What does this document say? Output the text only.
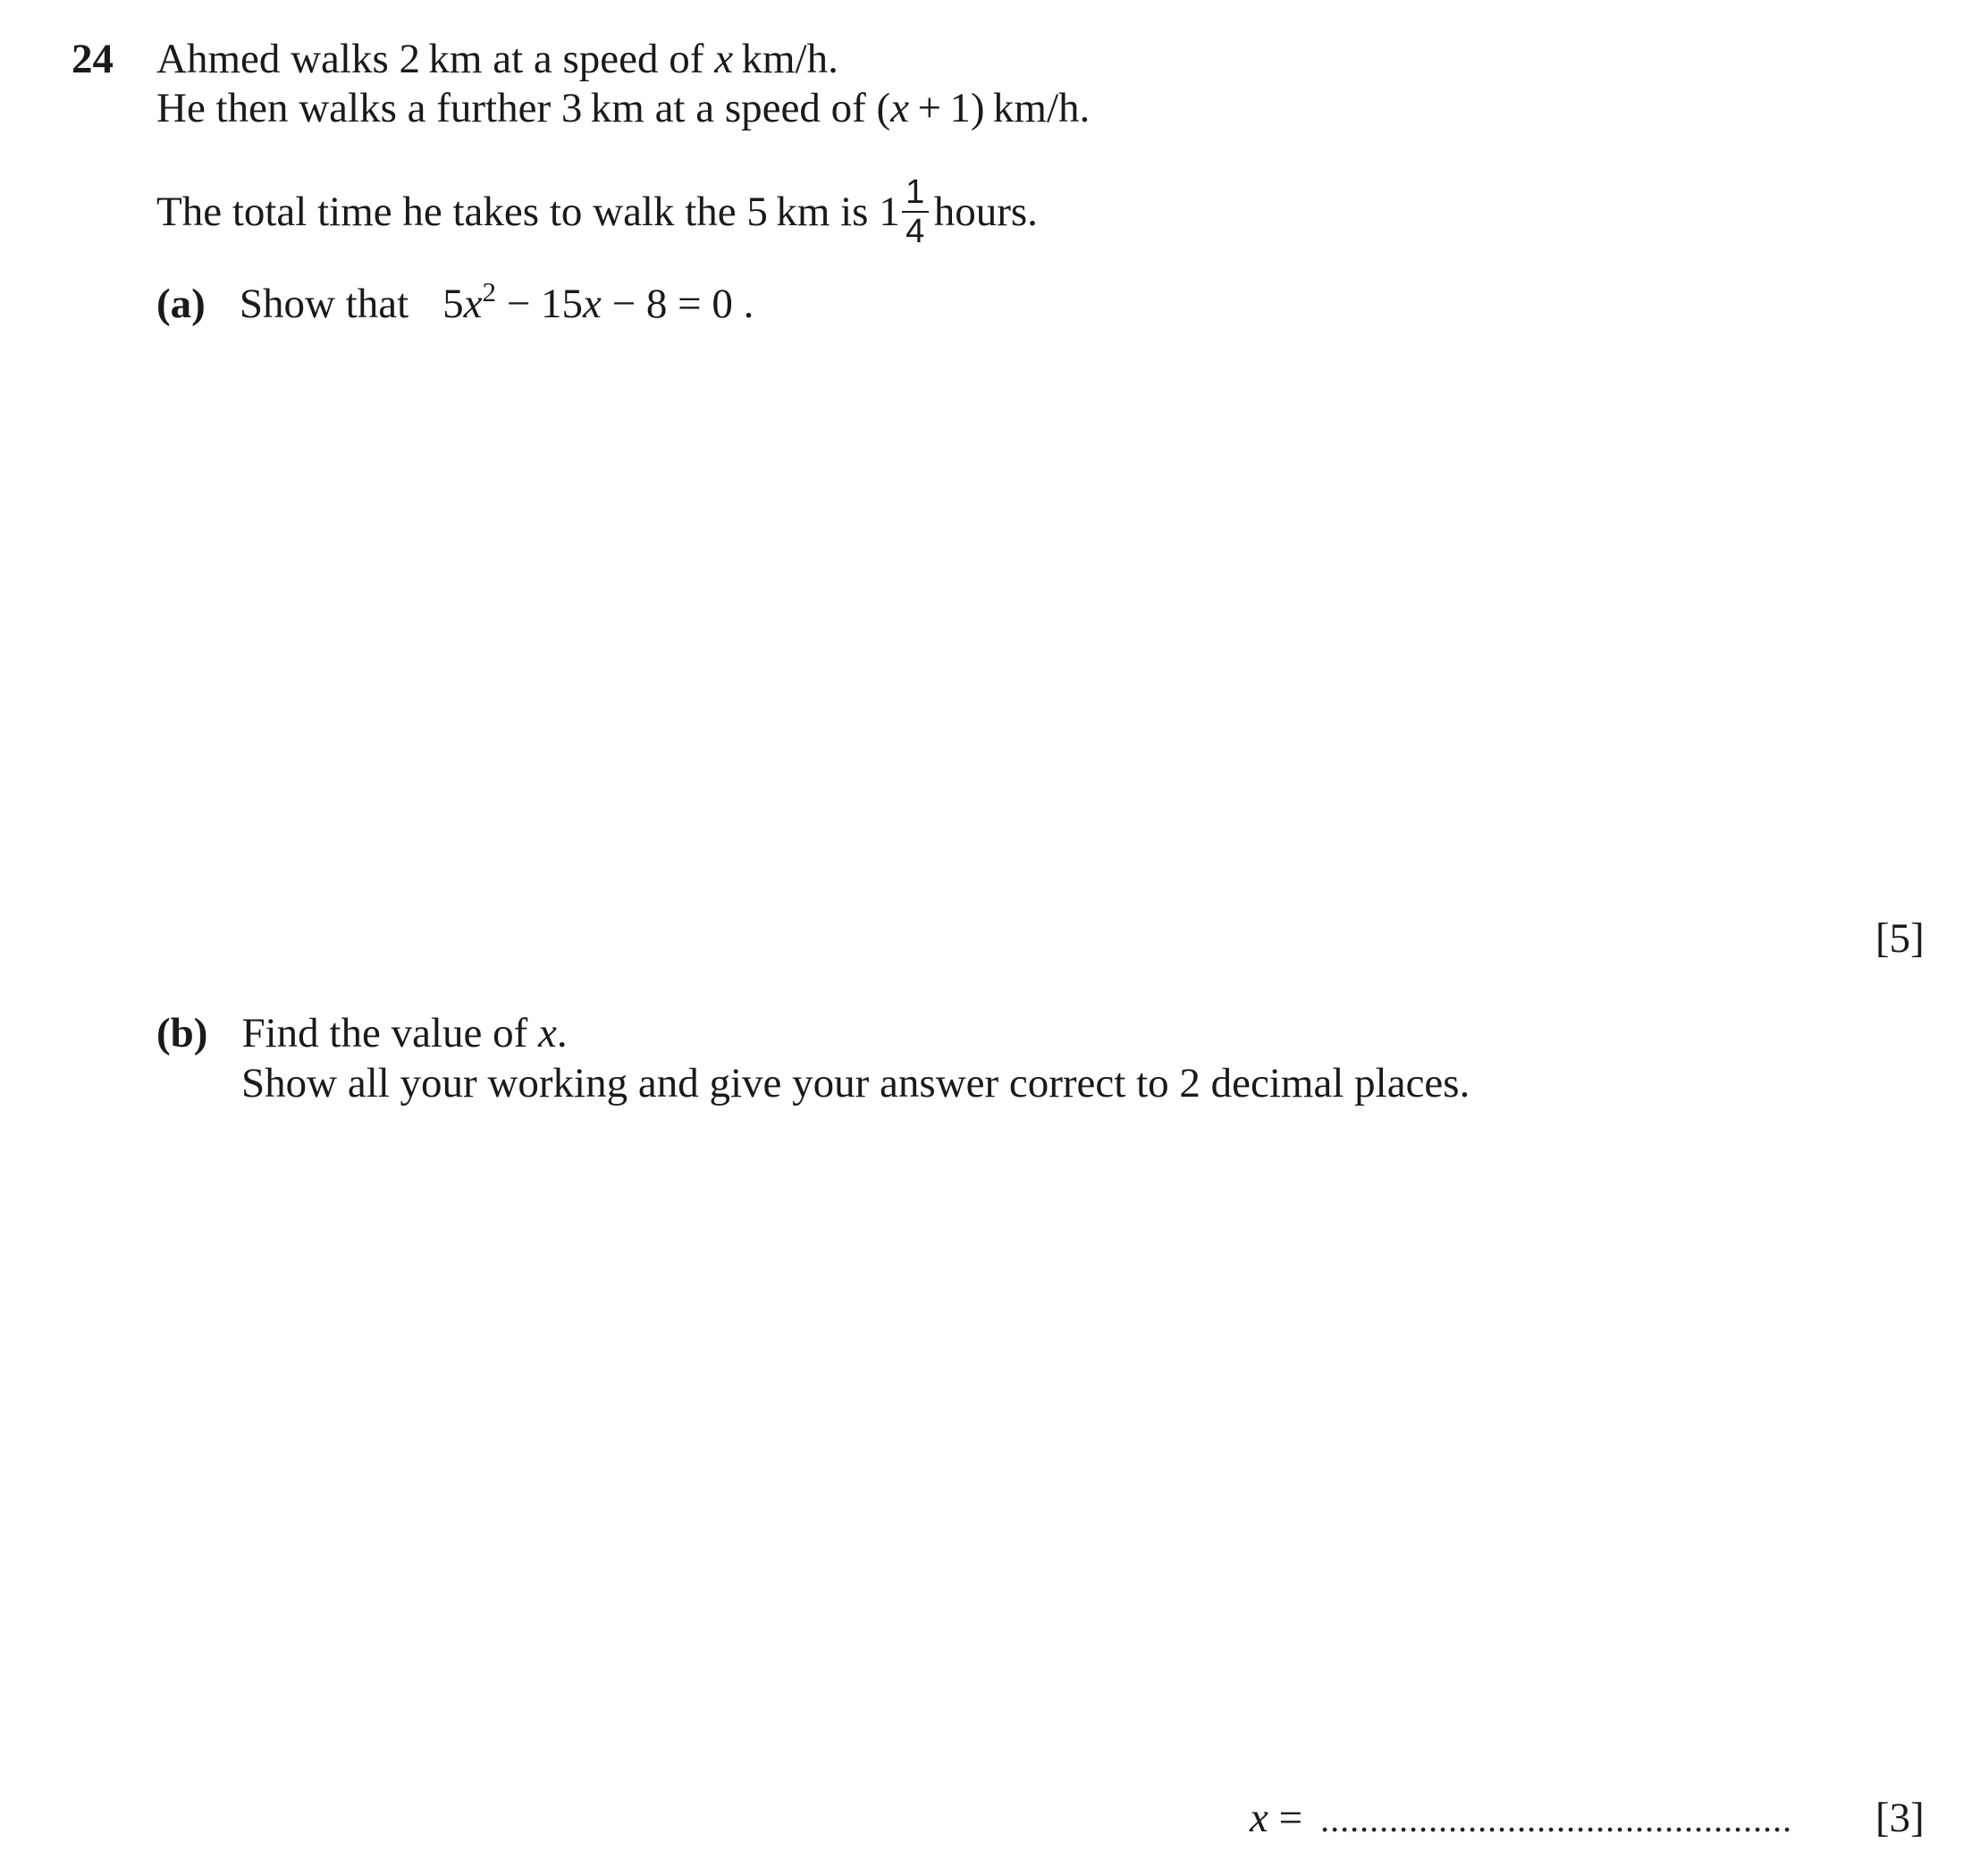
24 Ahmed walks 2 km at a speed of x km/h.
He then walks a further 3 km at a speed of (x + 1) km/h.
The total time he takes to walk the 5 km is $1 \frac{1}{4}$ hours.
(a) Show that $5x^2 - 15x - 8 = 0$ .
[5]
(b) Find the value of x.
Show all your working and give your answer correct to 2 decimal places.
x = ................................................ [3]
